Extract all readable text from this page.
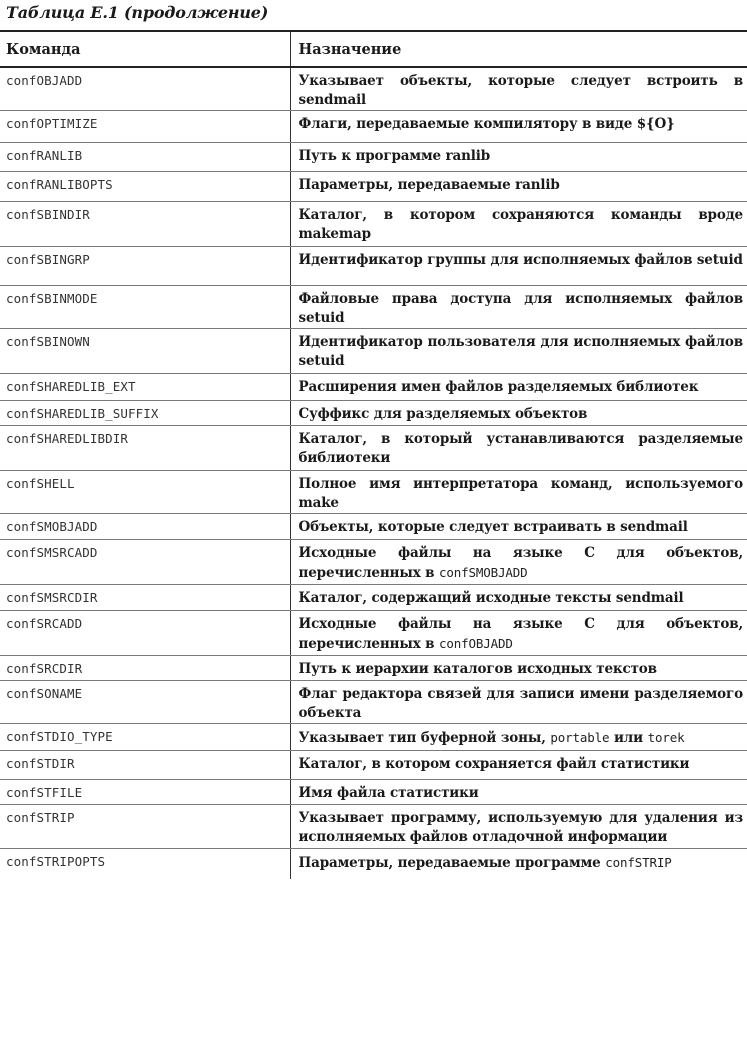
Таблица Е.1 (продолжение)
Команда	Назначение
confOBJADD	Указывает объекты, которые следует встроить в sendmail
confOPTIMIZE	Флаги, передаваемые компилятору в виде ${O}
confRANLIB	Путь к программе ranlib
confRANLIBOPTS	Параметры, передаваемые ranlib
confSBINDIR	Каталог, в котором сохраняются команды вроде makemap
confSBINGRP	Идентификатор группы для исполняемых файлов setuid
confSBINMODE	Файловые права доступа для исполняемых файлов setuid
confSBINOWN	Идентификатор пользователя для исполняемых файлов setuid
confSHAREDLIB_EXT	Расширения имен файлов разделяемых библиотек
confSHAREDLIB_SUFFIX	Суффикс для разделяемых объектов
confSHAREDLIBDIR	Каталог, в который устанавливаются разделяемые библиотеки
confSHELL	Полное имя интерпретатора команд, используемого make
confSMOBJADD	Объекты, которые следует встраивать в sendmail
confSMSRCADD	Исходные файлы на языке С для объектов, перечисленных в confSMOBJADD
confSMSRCDIR	Каталог, содержащий исходные тексты sendmail
confSRCADD	Исходные файлы на языке С для объектов, перечисленных в confOBJADD
confSRCDIR	Путь к иерархии каталогов исходных текстов
confSONAME	Флаг редактора связей для записи имени разделяемого объекта
confSTDIO_TYPE	Указывает тип буферной зоны, portable или torek
confSTDIR	Каталог, в котором сохраняется файл статистики
confSTFILE	Имя файла статистики
confSTRIP	Указывает программу, используемую для удаления из исполняемых файлов отладочной информации
confSTRIPOPTS	Параметры, передаваемые программе confSTRIP
